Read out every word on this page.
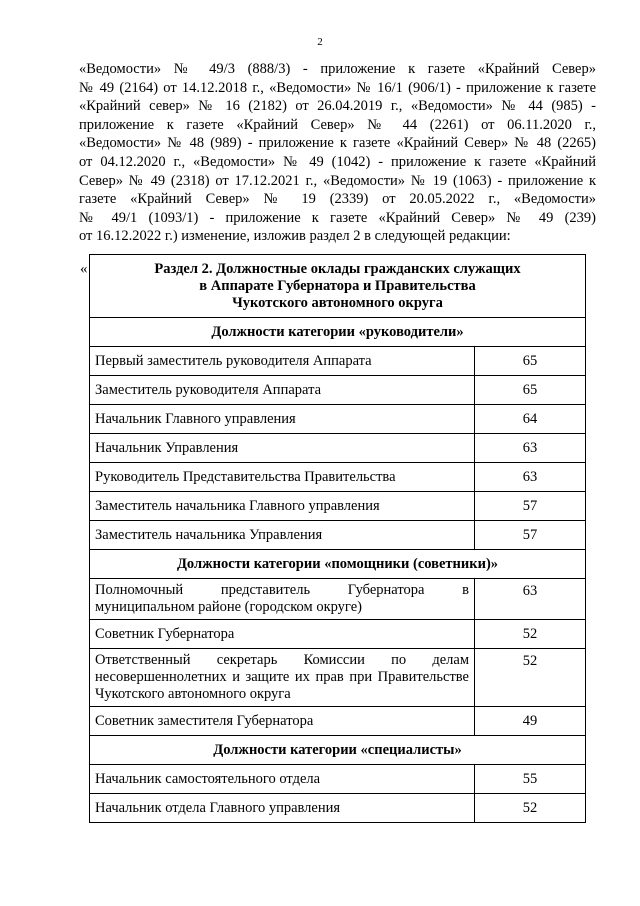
2

«Ведомости» № 49/3 (888/3) - приложение к газете «Крайний Север»
№ 49 (2164) от 14.12.2018 г., «Ведомости» № 16/1 (906/1) - приложение к газете
«Крайний север» № 16 (2182) от 26.04.2019 г., «Ведомости» № 44 (985) -
приложение к газете «Крайний Север» № 44 (2261) от 06.11.2020 г.,
«Ведомости» № 48 (989) - приложение к газете «Крайний Север» № 48 (2265)
от 04.12.2020 г., «Ведомости» № 49 (1042) - приложение к газете «Крайний
Север» № 49 (2318) от 17.12.2021 г., «Ведомости» № 19 (1063) - приложение к
газете «Крайний Север» № 19 (2339) от 20.05.2022 г., «Ведомости»
№ 49/1 (1093/1) - приложение к газете «Крайний Север» № 49 (239)
от 16.12.2022 г.) изменение, изложив раздел 2 в следующей редакции:

«	Раздел 2. Должностные оклады гражданских служащих
в Аппарате Губернатора и Правительства
Чукотского автономного округа	

Должности категории «руководители»	
Первый заместитель руководителя Аппарата	65
Заместитель руководителя Аппарата	65
Начальник Главного управления	64
Начальник Управления	63
Руководитель Представительства Правительства	63
Заместитель начальника Главного управления	57
Заместитель начальника Управления	57
Должности категории «помощники (советники)»	
Полномочный представитель Губернатора в муниципальном районе (городском округе)	63
Советник Губернатора	52
Ответственный секретарь Комиссии по делам несовершеннолетних и защите их прав при Правительстве Чукотского автономного округа	52
Советник заместителя Губернатора	49
Должности категории «специалисты»	
Начальник самостоятельного отдела	55
Начальник отдела Главного управления	52
